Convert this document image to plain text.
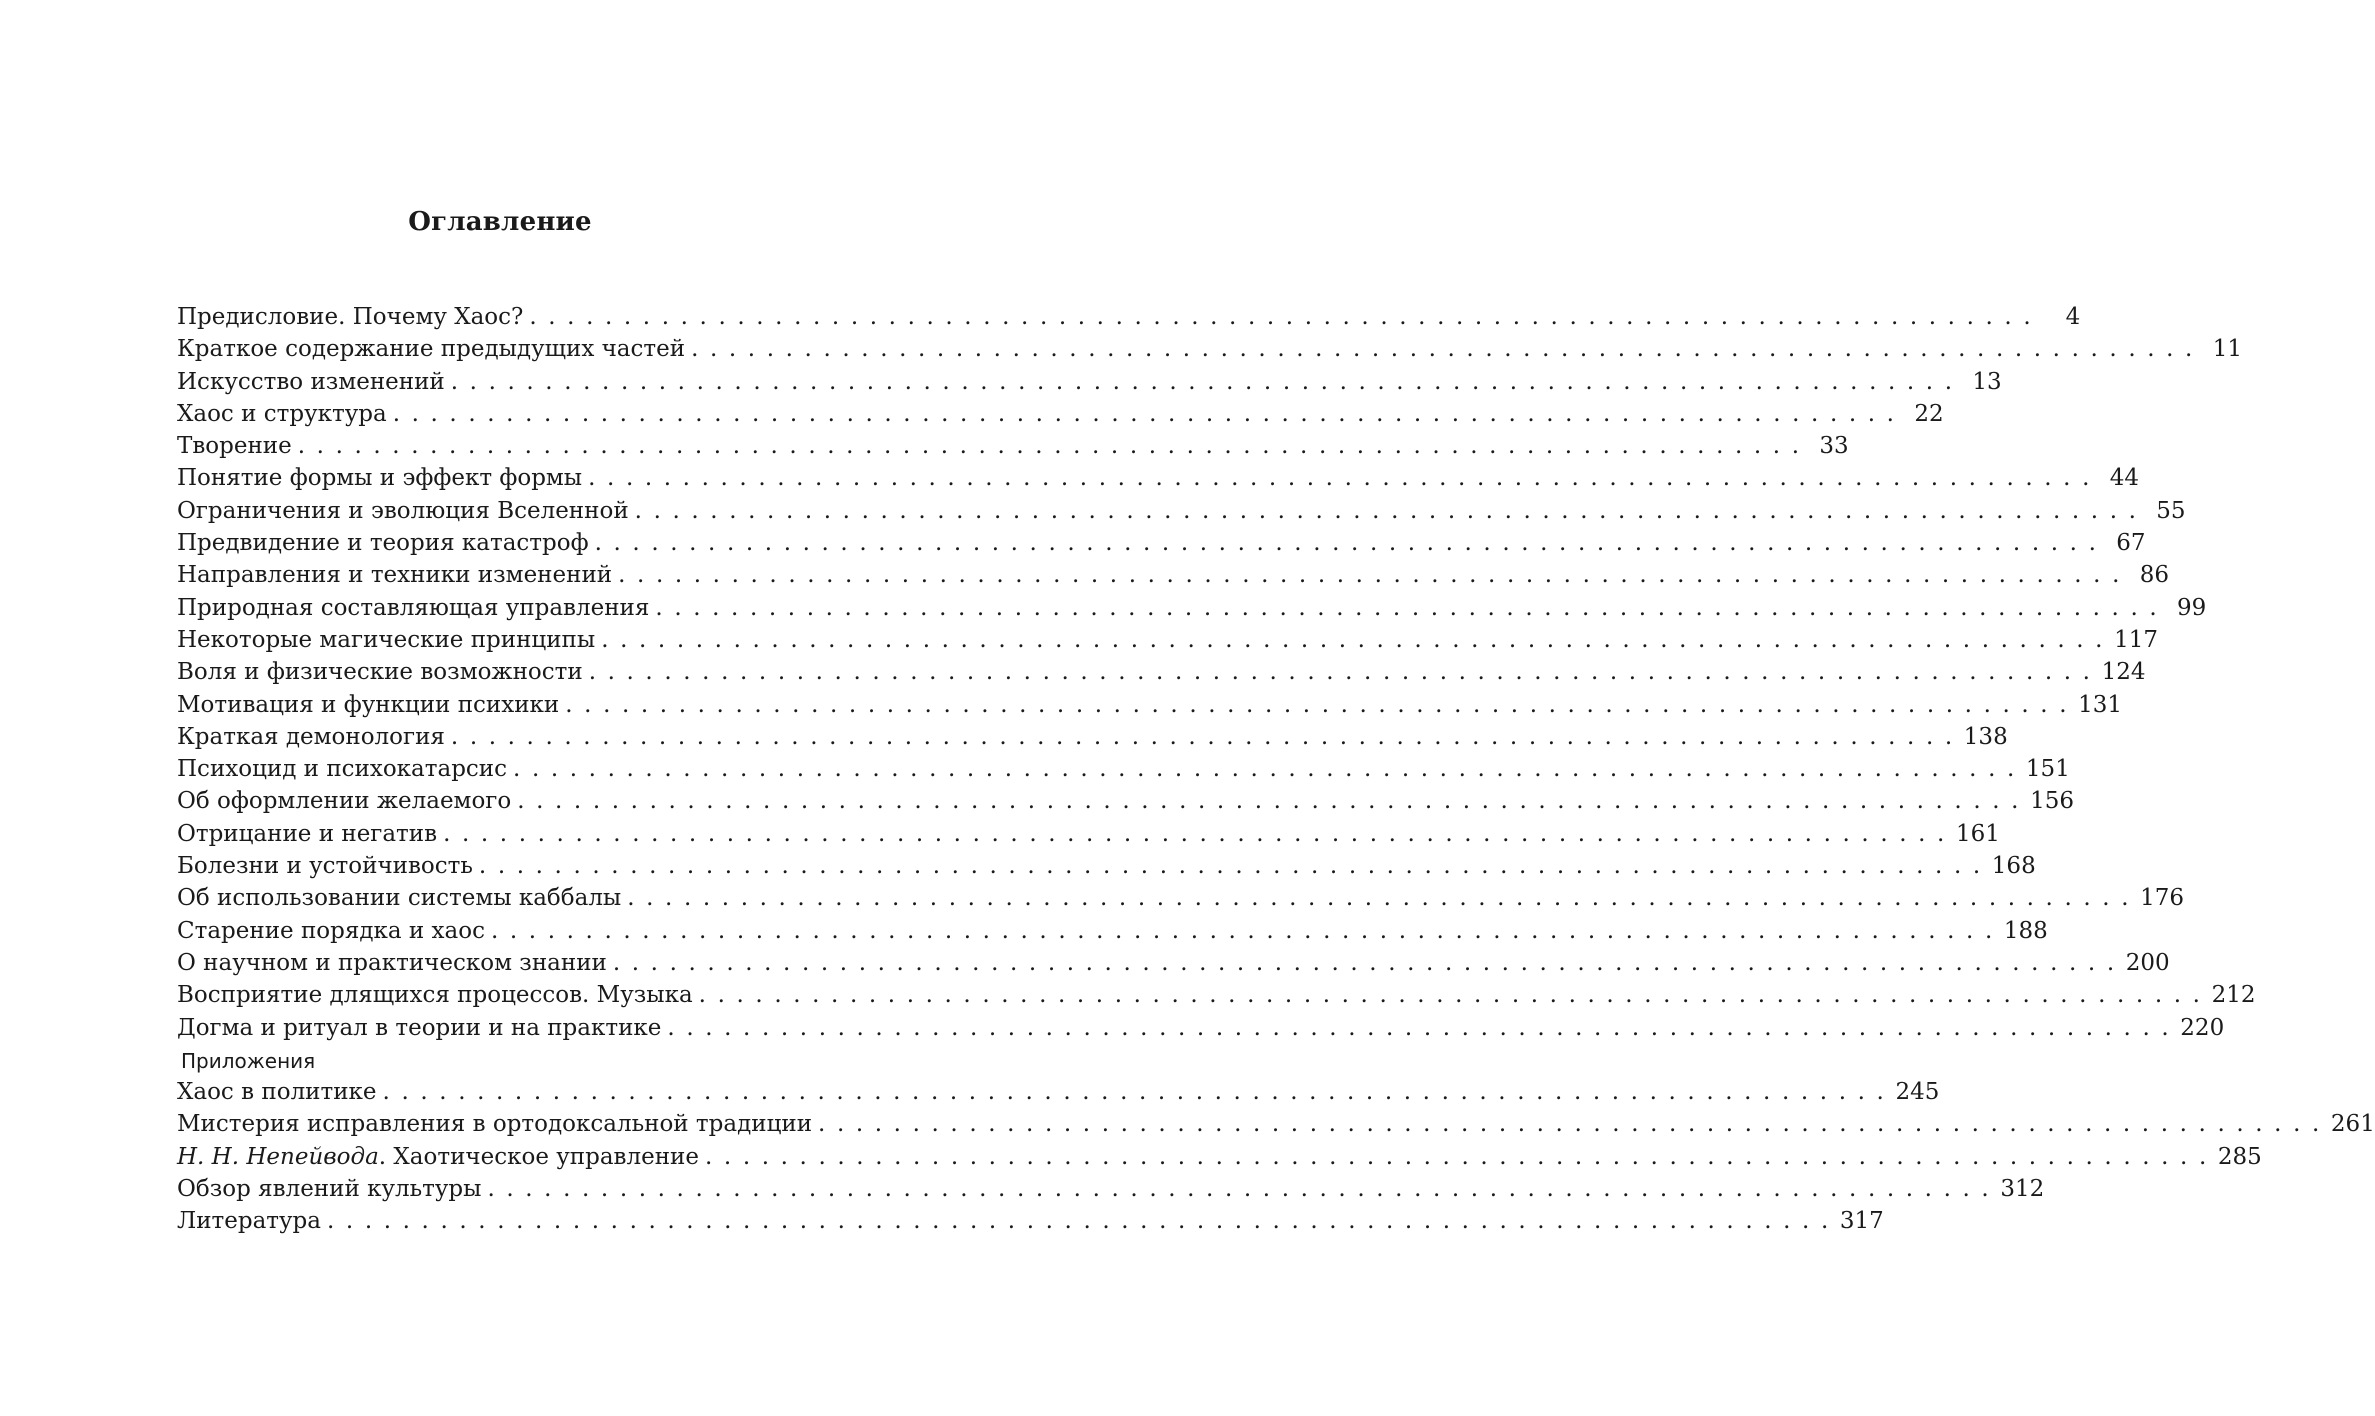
Оглавление
Предисловие. Почему Хаос? ................................................................................	4
Краткое содержание предыдущих частей ................................................................................ 11
Искусство изменений ................................................................................ 13
Хаос и структура ................................................................................ 22
Творение ................................................................................ 33
Понятие формы и эффект формы ................................................................................ 44
Ограничения и эволюция Вселенной ................................................................................ 55
Предвидение и теория катастроф ................................................................................ 67
Направления и техники изменений ................................................................................ 86
Природная составляющая управления ................................................................................ 99
Некоторые магические принципы ................................................................................ 117
Воля и физические возможности ................................................................................ 124
Мотивация и функции психики ................................................................................ 131
Краткая демонология ................................................................................ 138
Психоцид и психокатарсис ................................................................................ 151
Об оформлении желаемого ................................................................................ 156
Отрицание и негатив ................................................................................ 161
Болезни и устойчивость ................................................................................ 168
Об использовании системы каббалы ................................................................................ 176
Старение порядка и хаос ................................................................................ 188
О научном и практическом знании ................................................................................ 200
Восприятие длящихся процессов. Музыка ................................................................................ 212
Догма и ритуал в теории и на практике ................................................................................ 220
Приложения
Хаос в политике ................................................................................ 245
Мистерия исправления в ортодоксальной традиции ................................................................................ 261
Н. Н. Непейвода. Хаотическое управление ................................................................................ 285
Обзор явлений культуры ................................................................................ 312
Литература ................................................................................ 317
